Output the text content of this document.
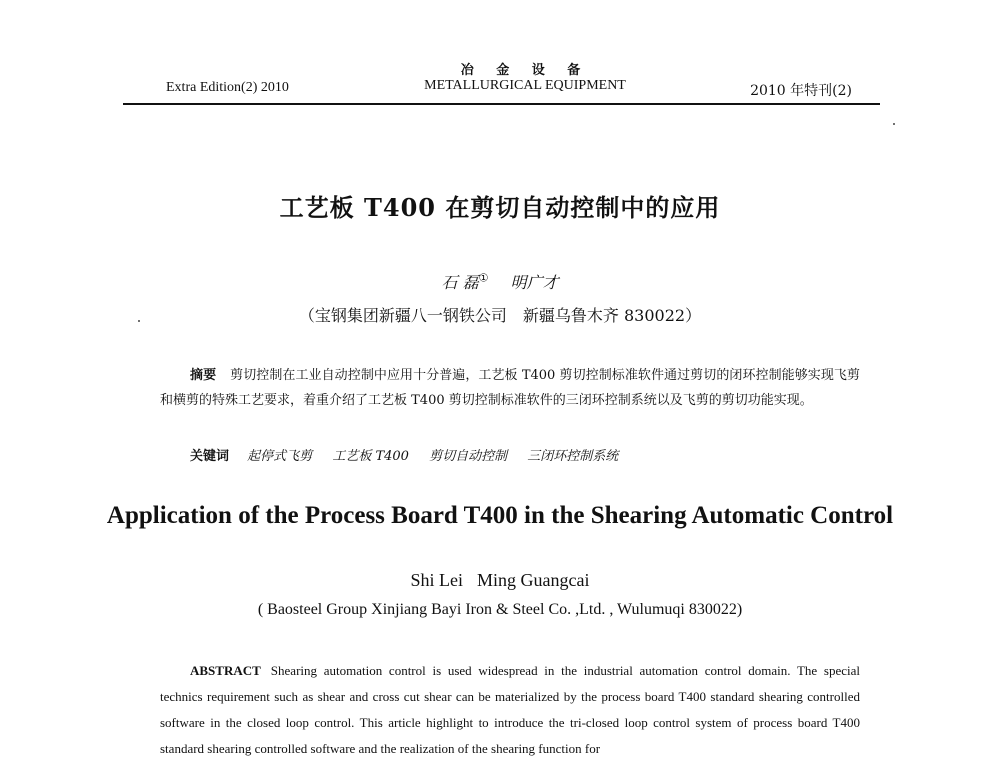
Extra Edition(2) 2010
冶 金 设 备
METALLURGICAL EQUIPMENT	2010 年特刊(2)
工艺板 T400 在剪切自动控制中的应用
石 磊① 明广才
（宝钢集团新疆八一钢铁公司　新疆乌鲁木齐 830022）
摘要 剪切控制在工业自动控制中应用十分普遍，工艺板 T400 剪切控制标准软件通过剪切的闭环控制能够实现飞剪和横剪的特殊工艺要求，着重介绍了工艺板 T400 剪切控制标准软件的三闭环控制系统以及飞剪的剪切功能实现。
关键词 起停式飞剪 工艺板 T400 剪切自动控制 三闭环控制系统
Application of the Process Board T400 in the Shearing Automatic Control
Shi Lei Ming Guangcai
( Baosteel Group Xinjiang Bayi Iron & Steel Co. ,Ltd. , Wulumuqi 830022)
ABSTRACT Shearing automation control is used widespread in the industrial automation control domain. The special technics requirement such as shear and cross cut shear can be materialized by the process board T400 standard shearing controlled software in the closed loop control. This article highlight to introduce the tri-closed loop control system of process board T400 standard shearing controlled software and the realization of the shearing function for
